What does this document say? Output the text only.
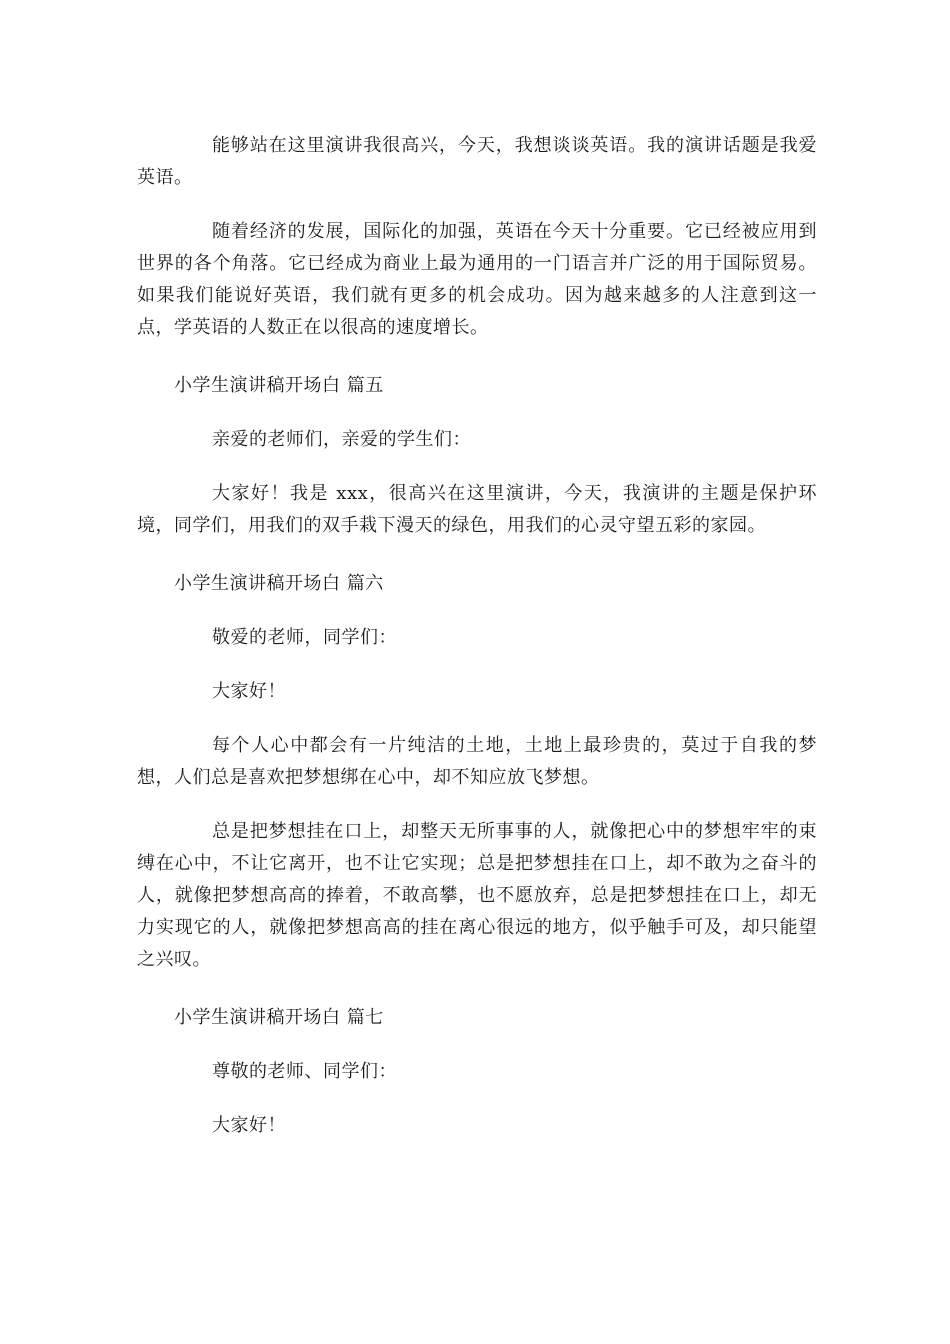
能够站在这里演讲我很高兴，今天，我想谈谈英语。我的演讲话题是我爱英语。

随着经济的发展，国际化的加强，英语在今天十分重要。它已经被应用到世界的各个角落。它已经成为商业上最为通用的一门语言并广泛的用于国际贸易。如果我们能说好英语，我们就有更多的机会成功。因为越来越多的人注意到这一点，学英语的人数正在以很高的速度增长。

小学生演讲稿开场白 篇五

亲爱的老师们，亲爱的学生们：

大家好！我是 xxx，很高兴在这里演讲，今天，我演讲的主题是保护环境，同学们，用我们的双手栽下漫天的绿色，用我们的心灵守望五彩的家园。

小学生演讲稿开场白 篇六

敬爱的老师，同学们：

大家好！

每个人心中都会有一片纯洁的土地，土地上最珍贵的，莫过于自我的梦想，人们总是喜欢把梦想绑在心中，却不知应放飞梦想。

总是把梦想挂在口上，却整天无所事事的人，就像把心中的梦想牢牢的束缚在心中，不让它离开，也不让它实现；总是把梦想挂在口上，却不敢为之奋斗的人，就像把梦想高高的捧着，不敢高攀，也不愿放弃，总是把梦想挂在口上，却无力实现它的人，就像把梦想高高的挂在离心很远的地方，似乎触手可及，却只能望之兴叹。

小学生演讲稿开场白 篇七

尊敬的老师、同学们：

大家好！
